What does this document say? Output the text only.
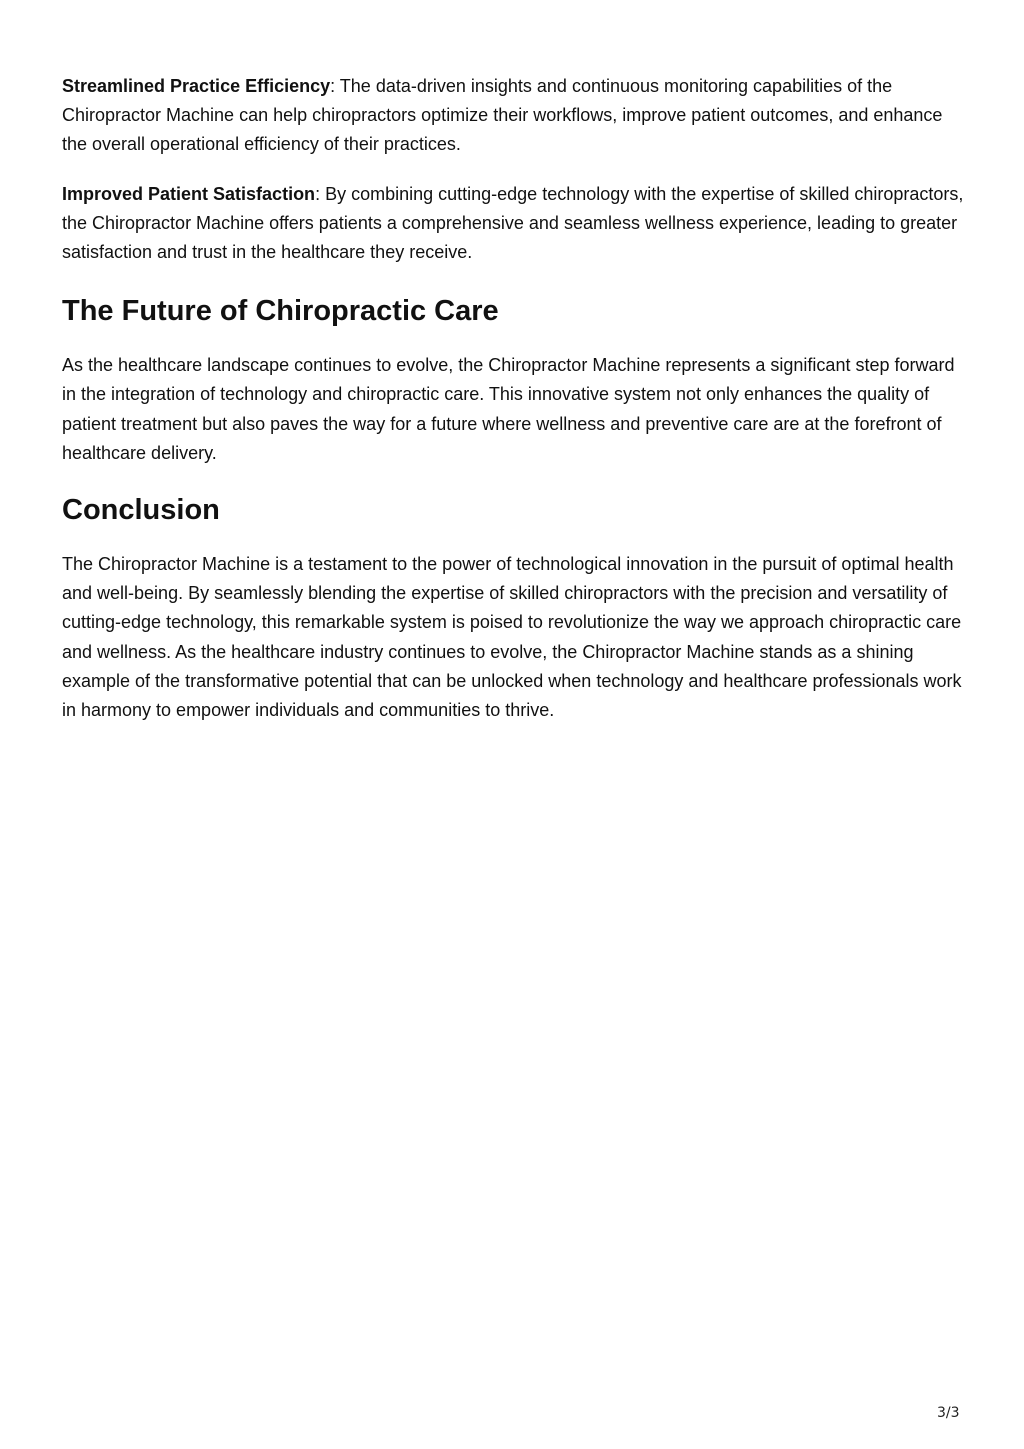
Streamlined Practice Efficiency: The data-driven insights and continuous monitoring capabilities of the Chiropractor Machine can help chiropractors optimize their workflows, improve patient outcomes, and enhance the overall operational efficiency of their practices.

Improved Patient Satisfaction: By combining cutting-edge technology with the expertise of skilled chiropractors, the Chiropractor Machine offers patients a comprehensive and seamless wellness experience, leading to greater satisfaction and trust in the healthcare they receive.

The Future of Chiropractic Care

As the healthcare landscape continues to evolve, the Chiropractor Machine represents a significant step forward in the integration of technology and chiropractic care. This innovative system not only enhances the quality of patient treatment but also paves the way for a future where wellness and preventive care are at the forefront of healthcare delivery.

Conclusion

The Chiropractor Machine is a testament to the power of technological innovation in the pursuit of optimal health and well-being. By seamlessly blending the expertise of skilled chiropractors with the precision and versatility of cutting-edge technology, this remarkable system is poised to revolutionize the way we approach chiropractic care and wellness. As the healthcare industry continues to evolve, the Chiropractor Machine stands as a shining example of the transformative potential that can be unlocked when technology and healthcare professionals work in harmony to empower individuals and communities to thrive.

3/3
